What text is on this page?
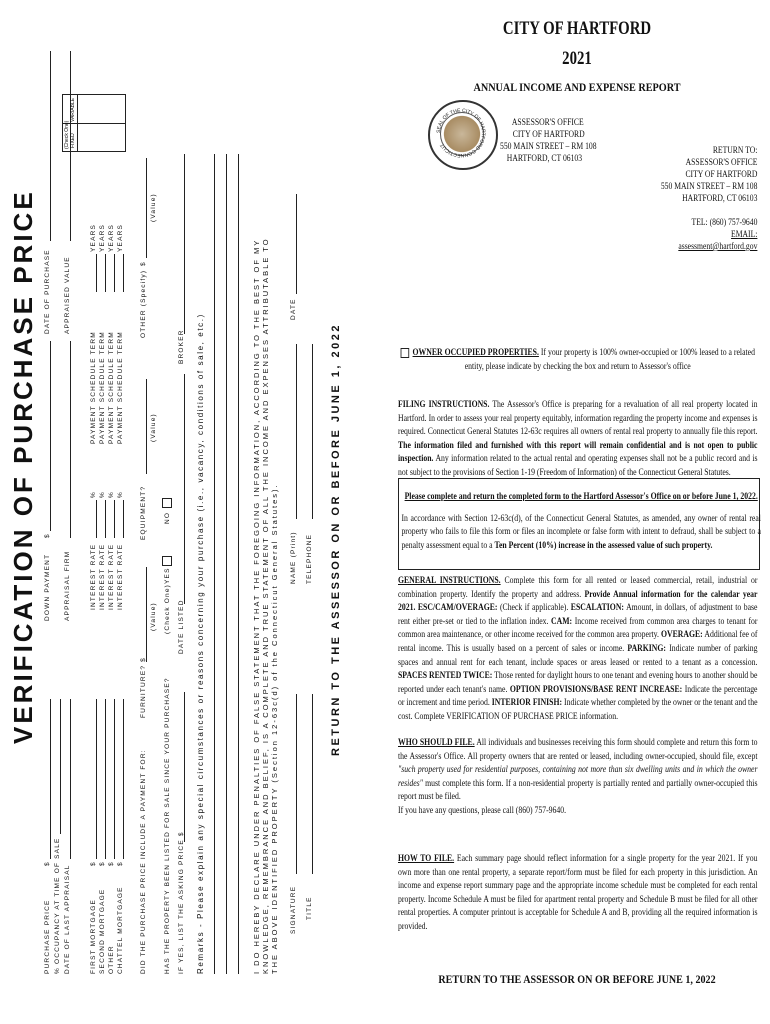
CITY OF HARTFORD
2021
ANNUAL INCOME AND EXPENSE REPORT
SEAL OF THE CITY OF HARTFORD CONNECTICUT
ASSESSOR'S OFFICE
CITY OF HARTFORD
550 MAIN STREET – RM 108
HARTFORD, CT 06103
RETURN TO:
ASSESSOR'S OFFICE
CITY OF HARTFORD
550 MAIN STREET – RM 108
HARTFORD, CT 06103
TEL: (860) 757-9640
EMAIL: assessment@hartford.gov
OWNER OCCUPIED PROPERTIES. If your property is 100% owner-occupied or 100% leased to a related entity, please indicate by checking the box and return to Assessor's office
FILING INSTRUCTIONS. The Assessor's Office is preparing for a revaluation of all real property located in Hartford. In order to assess your real property equitably, information regarding the property income and expenses is required. Connecticut General Statutes 12-63c requires all owners of rental real property to annually file this report. The information filed and furnished with this report will remain confidential and is not open to public inspection. Any information related to the actual rental and operating expenses shall not be a public record and is not subject to the provisions of Section 1-19 (Freedom of Information) of the Connecticut General Statutes.
Please complete and return the completed form to the Hartford Assessor's Office on or before June 1, 2022.
In accordance with Section 12-63c(d), of the Connecticut General Statutes, as amended, any owner of rental real property who fails to file this form or files an incomplete or false form with intent to defraud, shall be subject to a penalty assessment equal to a Ten Percent (10%) increase in the assessed value of such property.
GENERAL INSTRUCTIONS. Complete this form for all rented or leased commercial, retail, industrial or combination property. Identify the property and address. Provide Annual information for the calendar year 2021. ESC/CAM/OVERAGE: (Check if applicable). ESCALATION: Amount, in dollars, of adjustment to base rent either pre-set or tied to the inflation index. CAM: Income received from common area charges to tenant for common area maintenance, or other income received for the common area property. OVERAGE: Additional fee of rental income. This is usually based on a percent of sales or income. PARKING: Indicate number of parking spaces and annual rent for each tenant, include spaces or areas leased or rented to a tenant as a concession. SPACES RENTED TWICE: Those rented for daylight hours to one tenant and evening hours to another should be reported under each tenant's name. OPTION PROVISIONS/BASE RENT INCREASE: Indicate the percentage or increment and time period. INTERIOR FINISH: Indicate whether completed by the owner or the tenant and the cost. Complete VERIFICATION OF PURCHASE PRICE information.
WHO SHOULD FILE. All individuals and businesses receiving this form should complete and return this form to the Assessor's Office. All property owners that are rented or leased, including owner-occupied, should file, except "such property used for residential purposes, containing not more than six dwelling units and in which the owner resides" must complete this form. If a non-residential property is partially rented and partially owner-occupied this report must be filed.
If you have any questions, please call (860) 757-9640.
HOW TO FILE. Each summary page should reflect information for a single property for the year 2021. If you own more than one rental property, a separate report/form must be filed for each property in this jurisdiction. An income and expense report summary page and the appropriate income schedule must be completed for each rental property. Income Schedule A must be filed for apartment rental property and Schedule B must be filed for all other rental properties. A computer printout is acceptable for Schedule A and B, providing all the required information is provided.
RETURN TO THE ASSESSOR ON OR BEFORE JUNE 1, 2022
VERIFICATION OF PURCHASE PRICE
PURCHASE PRICE
$
DOWN PAYMENT
$
DATE OF PURCHASE
% OCCUPANCY AT TIME OF SALE DATE OF LAST APPRAISAL
APPRAISAL FIRM
APPRAISED VALUE
FIRST MORTGAGE SECOND MORTGAGE OTHER CHATTEL MORTGAGE
$ $ $ $
INTEREST RATE INTEREST RATE INTEREST RATE INTEREST RATE
% % % %
PAYMENT SCHEDULE TERM PAYMENT SCHEDULE TERM PAYMENT SCHEDULE TERM PAYMENT SCHEDULE TERM
YEARS YEARS YEARS YEARS
(Check One) FIXED
VARIABLE
DID THE PURCHASE PRICE INCLUDE A PAYMENT FOR:
FURNITURE? $
(Value)
EQUIPMENT?
(Value)
OTHER (Specify)
$
(Value)
HAS THE PROPERTY BEEN LISTED FOR SALE SINCE YOUR PURCHASE?
(Check One)
YES
NO
IF YES, LIST THE ASKING PRICE $
DATE LISTED
BROKER Remarks - Please explain any special circumstances or reasons concerning your purchase (i.e., vacancy, conditions of sale, etc.)	I DO HEREBY DECLARE UNDER PENALTIES OF FALSE STATEMENT THAT THE FOREGOING INFORMATION, ACCORDING TO THE BEST OF MY KNOWLEDGE, REMEMBRANCE AND BELIEF, IS A COMPLETE AND TRUE STATEMENT OF ALL THE INCOME AND EXPENSES ATTRIBUTABLE TO THE ABOVE IDENTIFIED PROPERTY (Section 12-63c(d) of the Connecticut General Statutes). SIGNATURE TITLE
NAME (Print) TELEPHONE
DATE
RETURN TO THE ASSESSOR ON OR BEFORE JUNE 1, 2022
